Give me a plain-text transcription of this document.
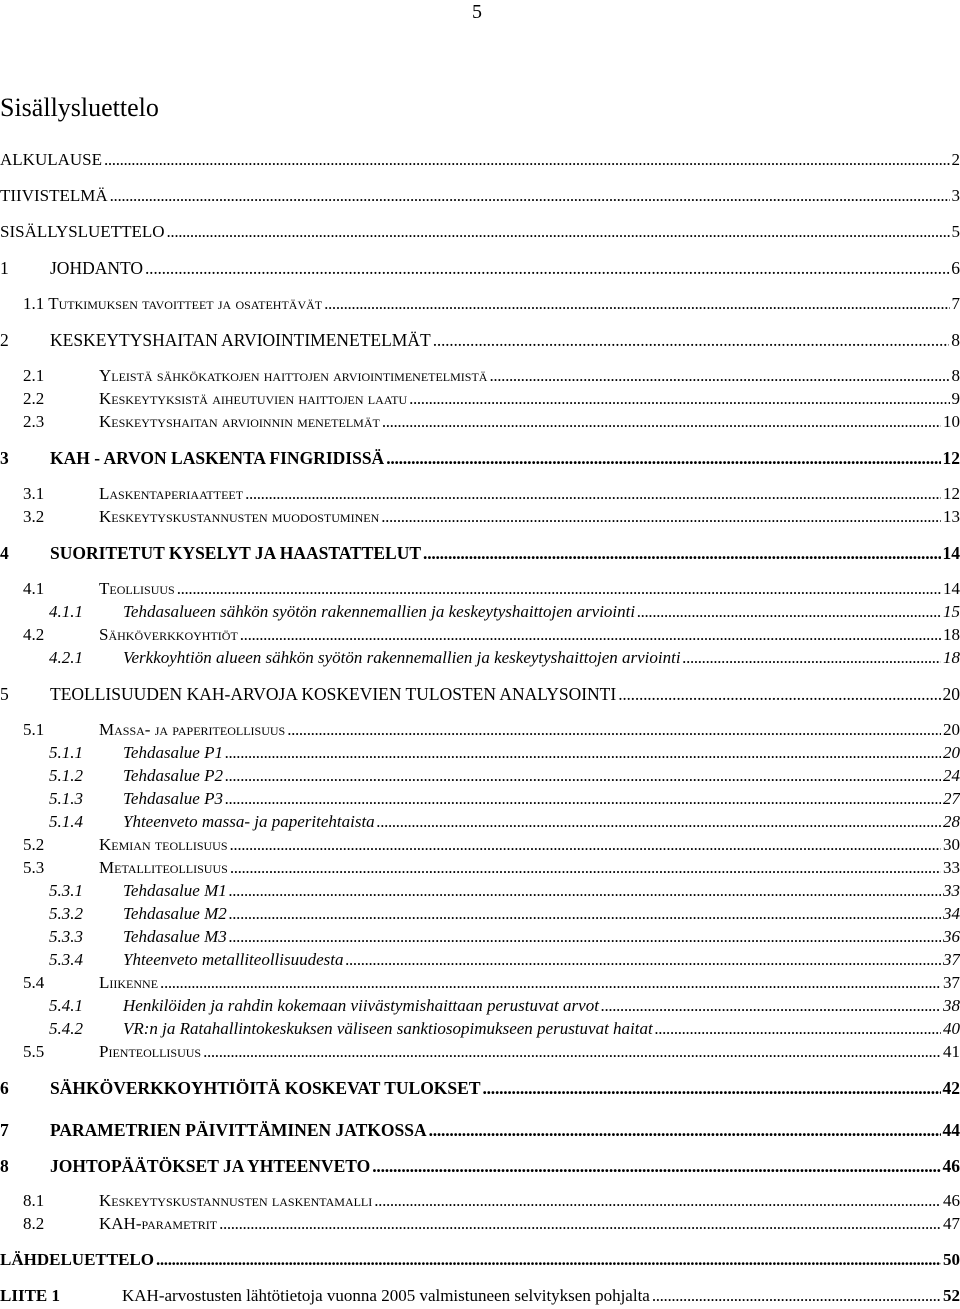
5
Sisällysluettelo
ALKULAUSE . . .	2
TIIVISTELMÄ . . .	3
SISÄLLYSLUETTELO . . .	5
1	JOHDANTO . . .	6
1.1 Tutkimuksen tavoitteet ja osatehtävät . . .	7
2	KESKEYTYSHAITAN ARVIOINTIMENETELMÄT . . .	8
2.1	Yleistä sähkökatkojen haittojen arviointimenetelmistä . . .	8
2.2	Keskeytyksistä aiheutuvien haittojen laatu . . .	9
2.3	Keskeytyshaitan arvioinnin menetelmät . . .	10
3	KAH - ARVON LASKENTA FINGRIDISSÄ . . .	12
3.1	Laskentaperiaatteet . . .	12
3.2	Keskeytyskustannusten muodostuminen . . .	13
4	SUORITETUT KYSELYT JA HAASTATTELUT . . .	14
4.1	Teollisuus . . .	14
4.1.1	Tehdasalueen sähkön syötön rakennemallien ja keskeytyshaittojen arviointi . . .	15
4.2	Sähköverkkoyhtiöt . . .	18
4.2.1	Verkkoyhtiön alueen sähkön syötön rakennemallien ja keskeytyshaittojen arviointi . . .	18
5	TEOLLISUUDEN KAH-ARVOJA KOSKEVIEN TULOSTEN ANALYSOINTI . . .	20
5.1	Massa- ja paperiteollisuus . . .	20
5.1.1	Tehdasalue P1 . . .	20
5.1.2	Tehdasalue P2 . . .	24
5.1.3	Tehdasalue P3 . . .	27
5.1.4	Yhteenveto massa- ja paperitehtaista . . .	28
5.2	Kemian teollisuus . . .	30
5.3	Metalliteollisuus . . .	33
5.3.1	Tehdasalue M1 . . .	33
5.3.2	Tehdasalue M2 . . .	34
5.3.3	Tehdasalue M3 . . .	36
5.3.4	Yhteenveto metalliteollisuudesta . . .	37
5.4	Liikenne . . .	37
5.4.1	Henkilöiden ja rahdin kokemaan viivästymishaittaan perustuvat arvot . . .	38
5.4.2	VR:n ja Ratahallintokeskuksen väliseen sanktiosopimukseen perustuvat haitat . . .	40
5.5	Pienteollisuus . . .	41
6	SÄHKÖVERKKOYHTIÖITÄ KOSKEVAT TULOKSET . . .	42
7	PARAMETRIEN PÄIVITTÄMINEN JATKOSSA . . .	44
8	JOHTOPÄÄTÖKSET JA YHTEENVETO . . .	46
8.1	Keskeytyskustannusten laskentamalli . . .	46
8.2	KAH-parametrit . . .	47
LÄHDELUETTELO . . .	50
LIITE 1	KAH-arvostusten lähtötietoja vuonna 2005 valmistuneen selvityksen pohjalta . . .	52
